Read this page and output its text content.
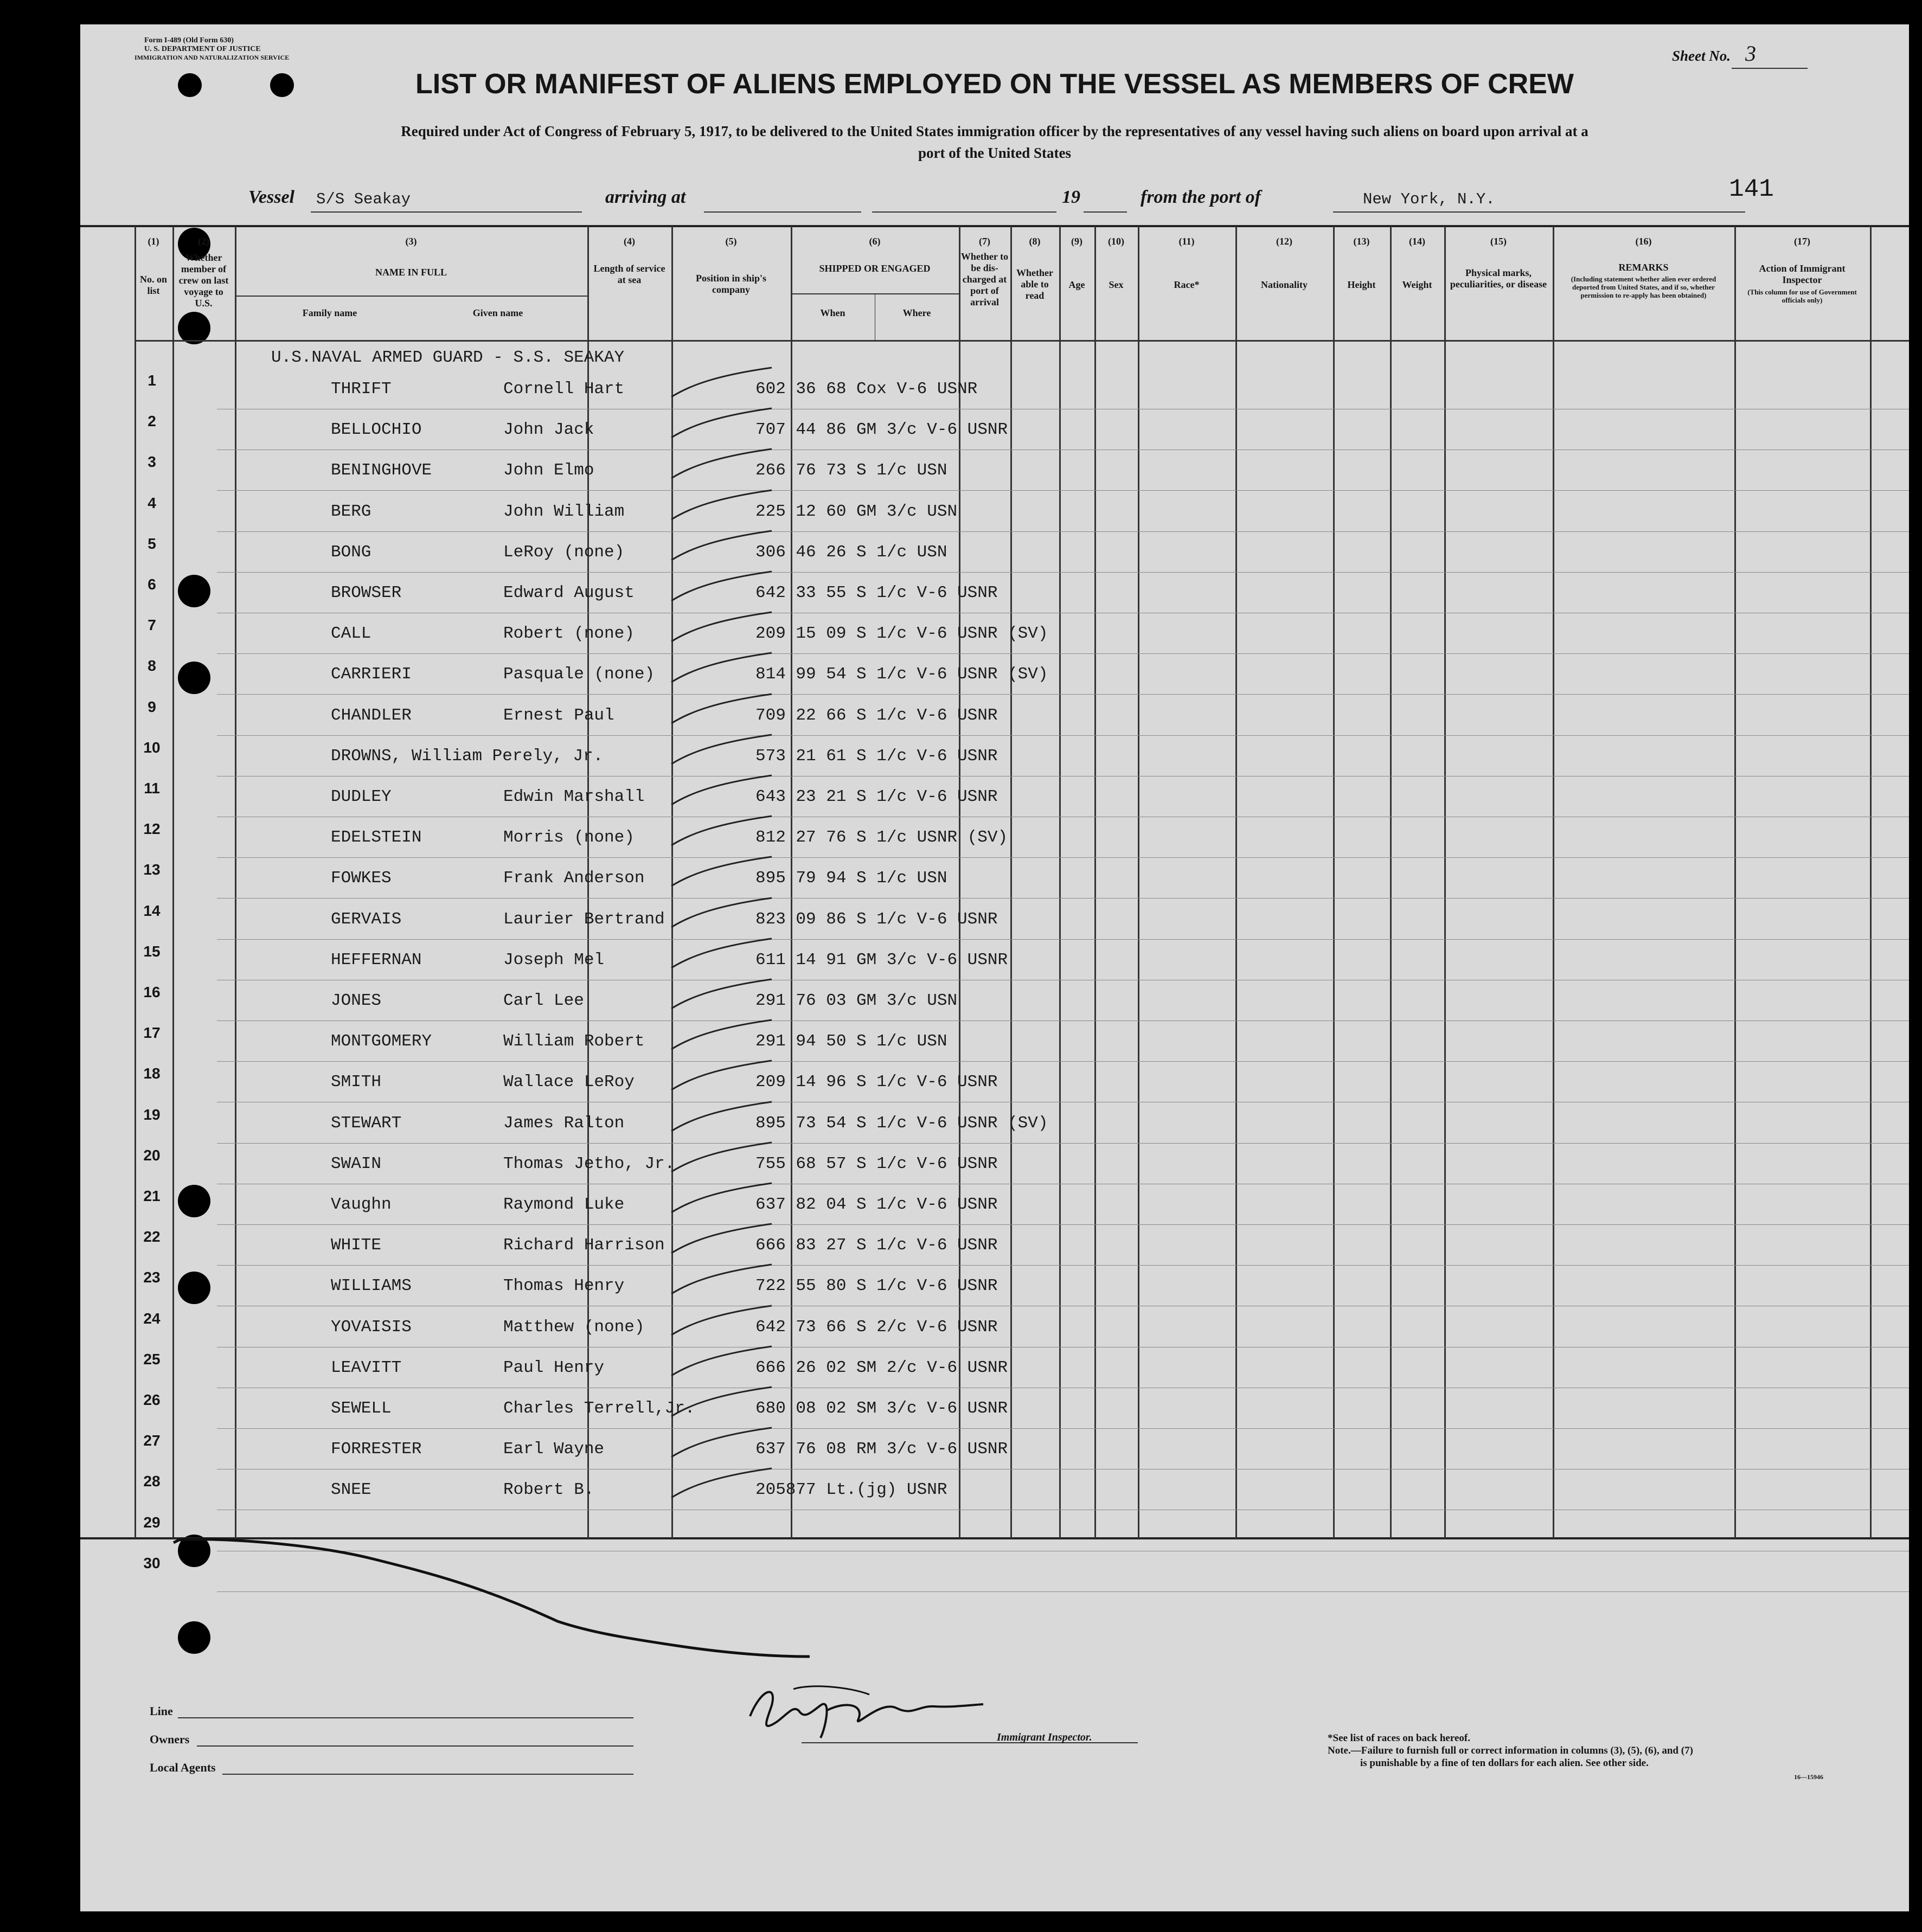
Form I-489 (Old Form 630)
U. S. DEPARTMENT OF JUSTICE
IMMIGRATION AND NATURALIZATION SERVICE	Sheet No. 3
LIST OR MANIFEST OF ALIENS EMPLOYED ON THE VESSEL AS MEMBERS OF CREW
Required under Act of Congress of February 5, 1917, to be delivered to the United States immigration officer by the representatives of any vessel having such aliens on board upon arrival at a
port of the United States
Vessel S/S Seakay	arriving at	19	from the port of	New York, N.Y.	141
(1)
No. on list
(2)
Whether member of crew on last voyage to U.S.
(3)
NAME IN FULL
Family name	Given name
(4)
Length of service at sea
(5)
Position in ship's company
(6)
SHIPPED OR ENGAGED
When	Where
(7)
Whether to be dis-charged at port of arrival
(8)
Whether able to read
(9)
Age
(10)
Sex
(11)
Race*
(12)
Nationality
(13)
Height
(14)
Weight
(15)
Physical marks, peculiarities, or disease
(16)
REMARKS
(Including statement whether alien ever ordered deported from United States, and if so, whether permission to re-apply has been obtained)
(17)
Action of Immigrant Inspector
(This column for use of Government officials only)
U.S.NAVAL ARMED GUARD - S.S. SEAKAY
1	THRIFT	Cornell Hart	602 36 68 Cox V-6 USNR
2	BELLOCHIO	John Jack	707 44 86 GM 3/c V-6 USNR
3	BENINGHOVE	John Elmo	266 76 73 S 1/c USN
4	BERG	John William	225 12 60 GM 3/c USN
5	BONG	LeRoy (none)	306 46 26 S 1/c USN
6	BROWSER	Edward August	642 33 55 S 1/c V-6 USNR
7	CALL	Robert (none)	209 15 09 S 1/c V-6 USNR (SV)
8	CARRIERI	Pasquale (none)	814 99 54 S 1/c V-6 USNR (SV)
9	CHANDLER	Ernest Paul	709 22 66 S 1/c V-6 USNR
10	DROWNS, William Perely, Jr.	573 21 61 S 1/c V-6 USNR
11	DUDLEY	Edwin Marshall	643 23 21 S 1/c V-6 USNR
12	EDELSTEIN	Morris (none)	812 27 76 S 1/c USNR (SV)
13	FOWKES	Frank Anderson	895 79 94 S 1/c USN
14	GERVAIS	Laurier Bertrand	823 09 86 S 1/c V-6 USNR
15	HEFFERNAN	Joseph Mel	611 14 91 GM 3/c V-6 USNR
16	JONES	Carl Lee	291 76 03 GM 3/c USN
17	MONTGOMERY	William Robert	291 94 50 S 1/c USN
18	SMITH	Wallace LeRoy	209 14 96 S 1/c V-6 USNR
19	STEWART	James Ralton	895 73 54 S 1/c V-6 USNR (SV)
20	SWAIN	Thomas Jetho, Jr.	755 68 57 S 1/c V-6 USNR
21	Vaughn	Raymond Luke	637 82 04 S 1/c V-6 USNR
22	WHITE	Richard Harrison	666 83 27 S 1/c V-6 USNR
23	WILLIAMS	Thomas Henry	722 55 80 S 1/c V-6 USNR
24	YOVAISIS	Matthew (none)	642 73 66 S 2/c V-6 USNR
25	LEAVITT	Paul Henry	666 26 02 SM 2/c V-6 USNR
26	SEWELL	Charles Terrell,Jr.	680 08 02 SM 3/c V-6 USNR
27	FORRESTER	Earl Wayne	637 76 08 RM 3/c V-6 USNR
28	SNEE	Robert B.	205877 Lt.(jg) USNR
29
30
Line
Owners
Local Agents
Immigrant Inspector.	*See list of races on back hereof.
Note.—Failure to furnish full or correct information in columns (3), (5), (6), and (7)
is punishable by a fine of ten dollars for each alien. See other side.
16—15946
